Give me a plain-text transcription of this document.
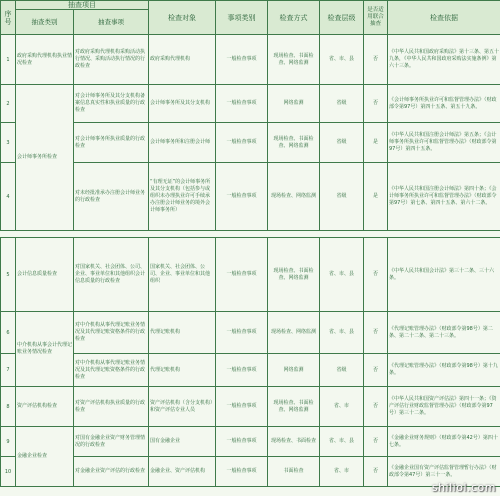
序号	抽查项目		检查对象	事项类别	检查方式	检查层级	是否适用联合抽查	检查依据
	抽查类别	抽查事项						
1	政府采购代理机构执业情况检查	对政府采购代理机构采购活动执行情况、采购活动执行情况的行政检查	政府采购代理机构	一般检查事项	现场检查、书面检查、网络监测	省、市、县	否	《中华人民共和国政府采购法》第十三条、第五十九条，《中华人民共和国政府采购法实施条例》第六十三条。
2	会计师事务所检查	对会计师事务所及其分支机构备案信息真实性和执业质量的行政检查	会计师事务所及其分支机构	一般检查事项	网络监测	省级	否	《会计师事务所执业许可和监督管理办法》（财政部令第97号）第四十五条、第五十九条。
3		对会计师事务所执业质量的行政检查	会计师事务所和注册会计师	一般检查事项	现场检查、书面检查、网络监测	省级	是	《中华人民共和国注册会计师法》第五条；《会计师事务所执业许可和监督管理办法》（财政部令第97号）第四十五条。
4		对未经批准承办注册会计师业务的行政检查	“有理无证”的会计师事务所及其分支机构（包括参与或组织未办理执业许可手续承办注册会计师业务的境外会计师事务所）	一般检查事项	现场检查、网络监测	省级	是	《中华人民共和国注册会计师法》第四十条；《会计师事务所执业许可和监督管理办法》（财政部令第97号）第七条、第四十五条、第六十二条。

5	会计信息质量检查	对国家机关、社会团体、公司、企业、事业单位和其他组织会计信息质量的行政检查	国家机关、社会团体、公司、企业、事业单位和其他组织	一般检查事项	现场检查、书面检查、网络监测	省、市、县	否	《中华人民共和国会计法》第三十二条、三十六条。
6	中介机构从事会计代理记账业务情况检查	对中介机构从事代理记账业务情况及其代理记账资格条件的行政检查	代理记账机构	一般检查事项	现场检查、网络监测	省、市、县	否	《代理记账管理办法》（财政部令第98号）第二条、第二十二条、第二十三条。
7		对中介机构从事代理记账业务情况及其代理记账资格条件的行政检查	代理记账机构	一般检查事项	网络监测	省级	否	《代理记账管理办法》（财政部令第98号）第十九条。
8	资产评估机构检查	对资产评估机构执业质量的行政检查	资产评估机构（含分支机构）和资产评估专业人员	一般检查事项	现场检查、书面检查、网络监测	省、市	否	《中华人民共和国资产评估法》第四十一条；《资产评估行业财政监督管理办法》（财政部令第97号）第三十二条。
9	金融企业检查	对国有金融企业资产财务管理情况的行政检查	国有金融企业	一般检查事项	现场检查、书面检查	省、市、县	否	《金融企业财务规则》（财政部令第42号）第四十七条。
10		对金融企业资产评估的行政检查	金融企业、资产评估机构	一般检查事项	书面检查	省、市	否	《金融企业国有资产评估监督管理暂行办法》（财政部令第47号）第三十一条。
shiliol.com
